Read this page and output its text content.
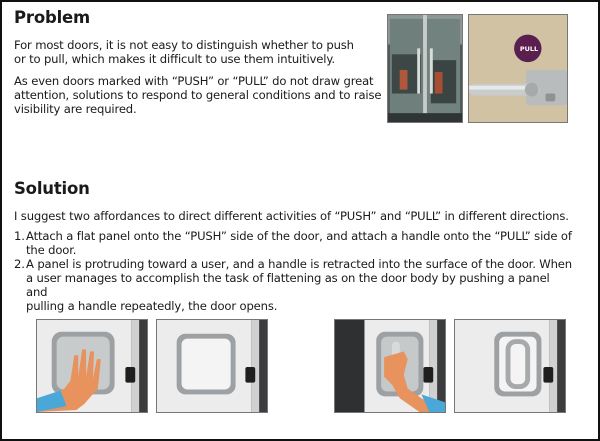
Problem
For most doors, it is not easy to distinguish whether to push
or to pull, which makes it difficult to use them intuitively.
As even doors marked with “PUSH” or “PULL” do not draw great
attention, solutions to respond to general conditions and to raise
visibility are required.
PULL
Solution
I suggest two affordances to direct different activities of “PUSH” and “PULL” in different directions.
1. Attach a flat panel onto the “PUSH” side of the door, and attach a handle onto the “PULL” side of
the door.
2. A panel is protruding toward a user, and a handle is retracted into the surface of the door. When
a user manages to accomplish the task of flattening as on the door body by pushing a panel and
pulling a handle repeatedly, the door opens.
